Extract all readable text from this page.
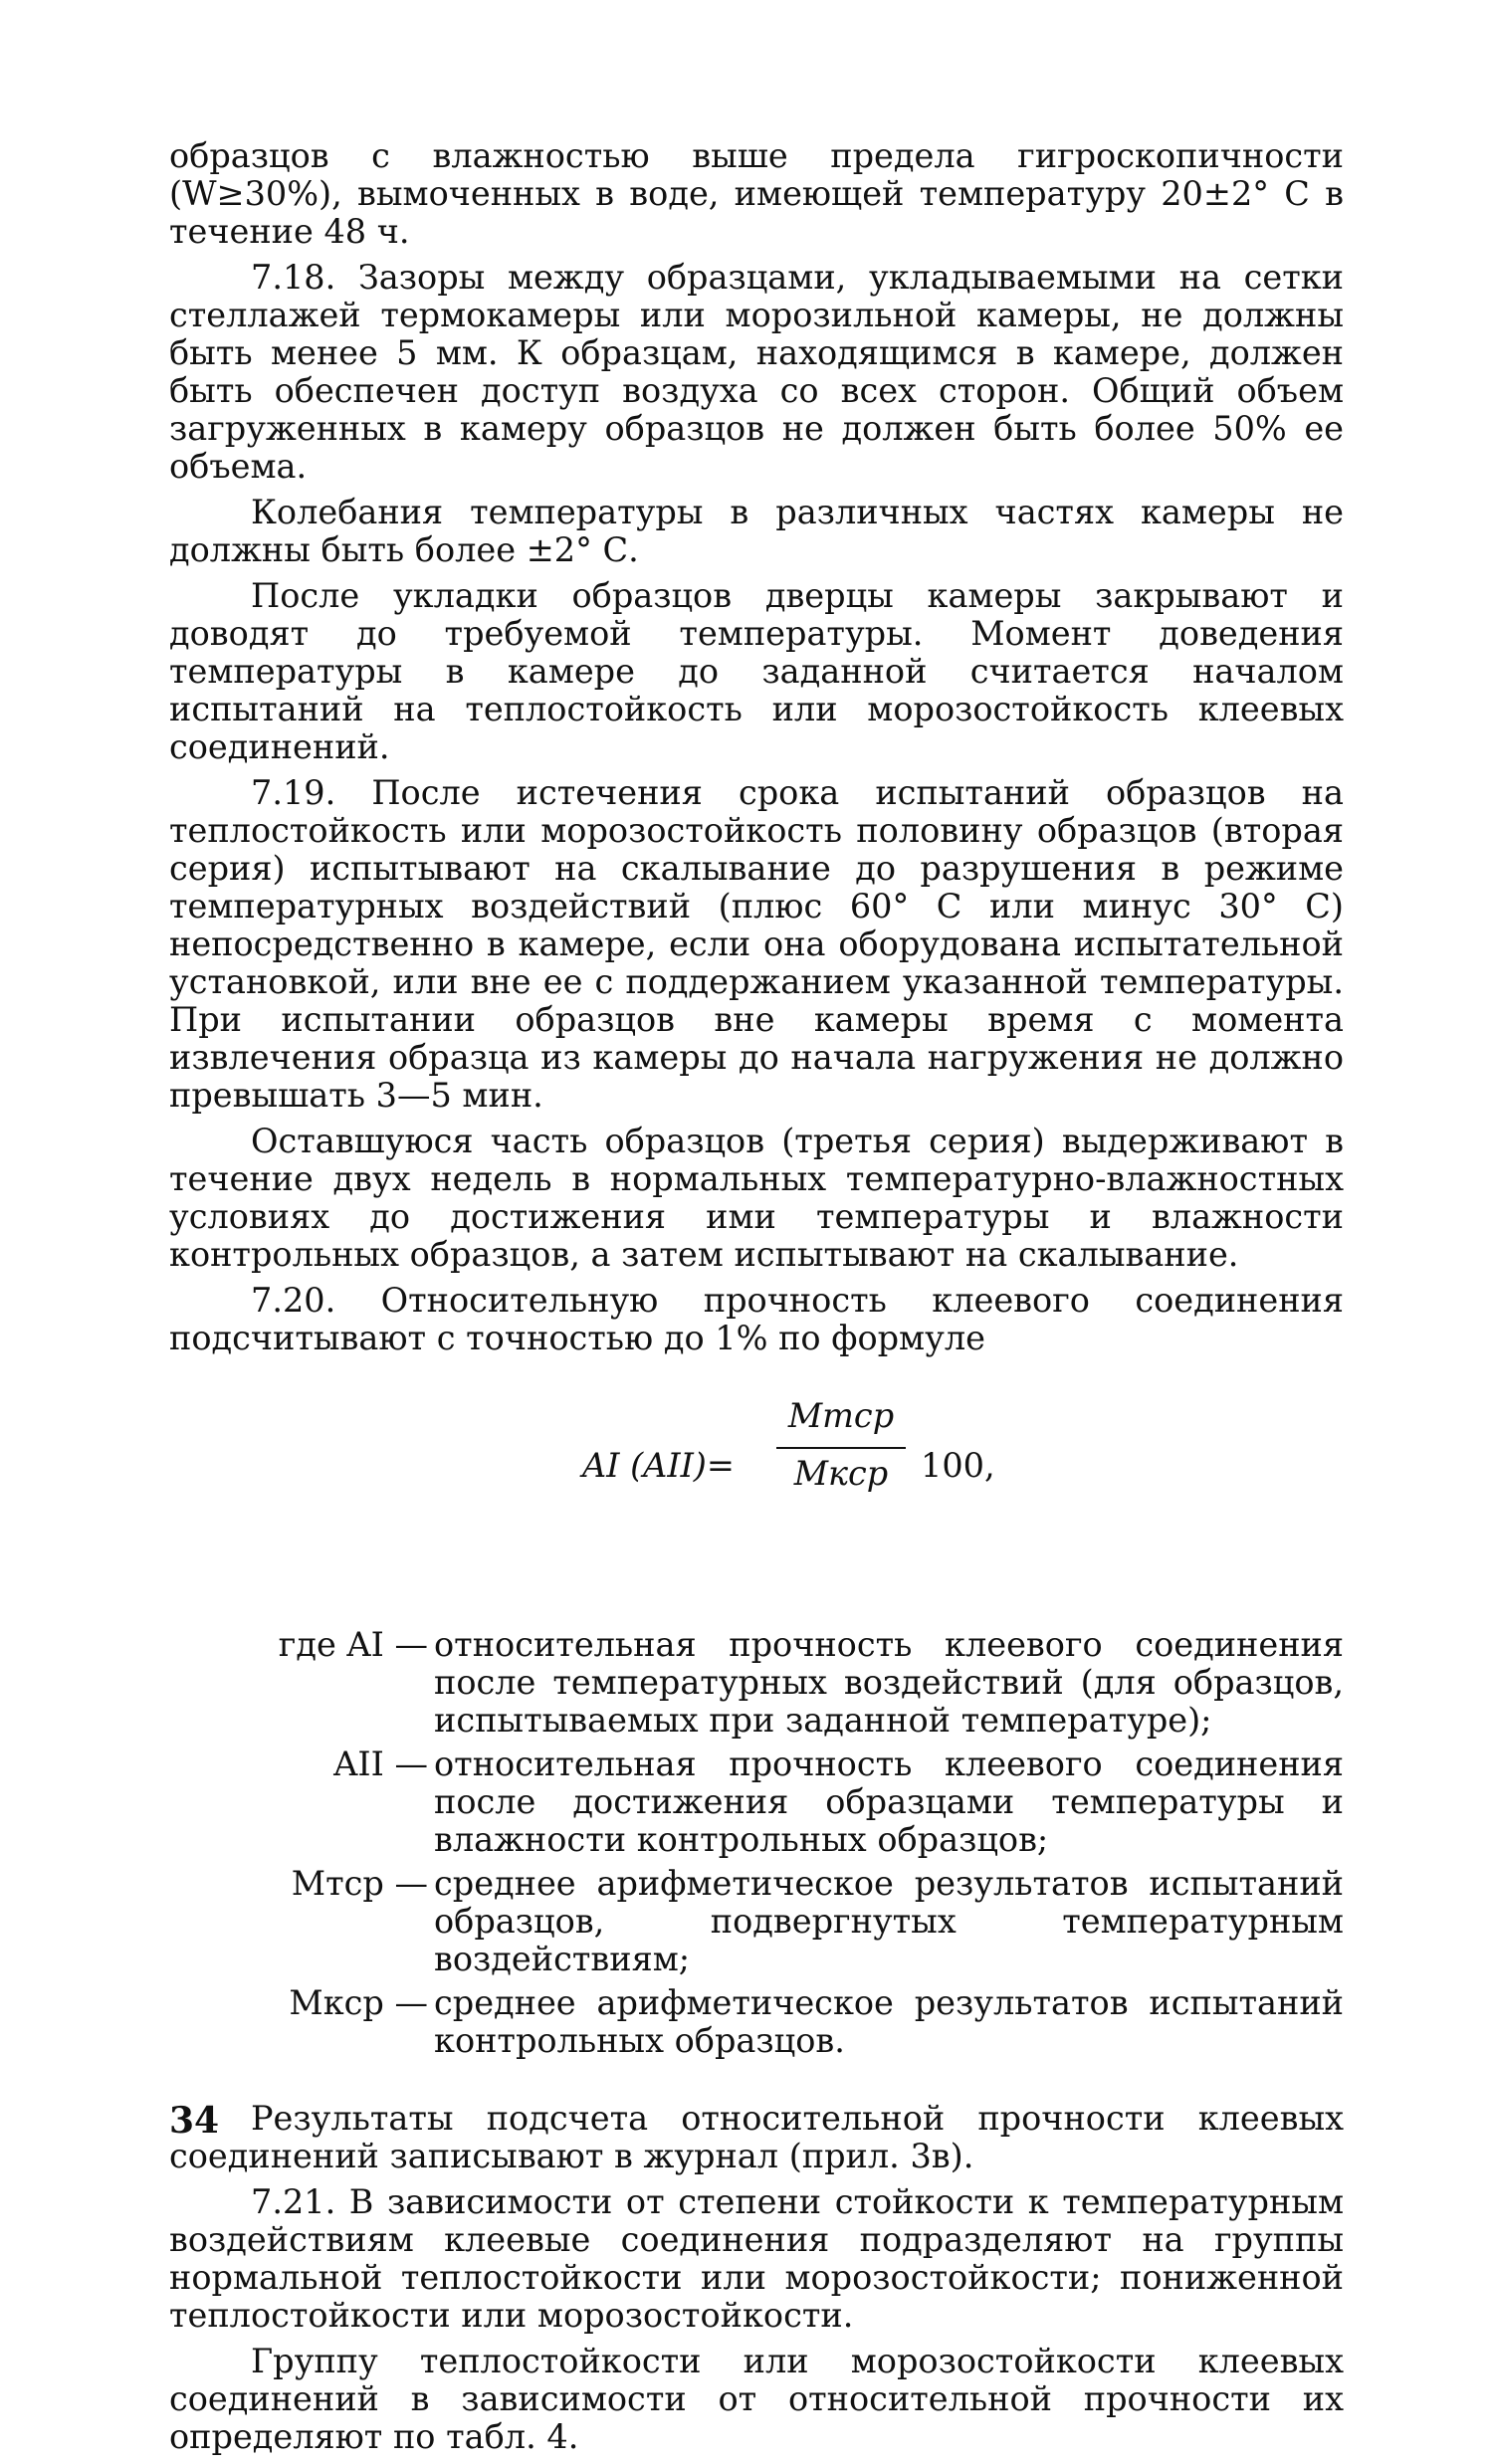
образцов с влажностью выше предела гигроскопичности (W≥30%), вымоченных в воде, имеющей температуру 20±2° С в течение 48 ч.

7.18. Зазоры между образцами, укладываемыми на сетки стеллажей термокамеры или морозильной камеры, не должны быть менее 5 мм. К образцам, находящимся в камере, должен быть обеспечен доступ воздуха со всех сторон. Общий объем загруженных в камеру образцов не должен быть более 50% ее объема.

Колебания температуры в различных частях камеры не должны быть более ±2° С.

После укладки образцов дверцы камеры закрывают и доводят до требуемой температуры. Момент доведения температуры в камере до заданной считается началом испытаний на теплостойкость или морозостойкость клеевых соединений.

7.19. После истечения срока испытаний образцов на теплостойкость или морозостойкость половину образцов (вторая серия) испытывают на скалывание до разрушения в режиме температурных воздействий (плюс 60° С или минус 30° С) непосредственно в камере, если она оборудована испытательной установкой, или вне ее с поддержанием указанной температуры. При испытании образцов вне камеры время с момента извлечения образца из камеры до начала нагружения не должно превышать 3—5 мин.

Оставшуюся часть образцов (третья серия) выдерживают в течение двух недель в нормальных температурно-влажностных условиях до достижения ими температуры и влажности контрольных образцов, а затем испытывают на скалывание.

7.20. Относительную прочность клеевого соединения подсчитывают с точностью до 1% по формуле

AI (AII)=
Mтср
Mкср 100,
где AI — относительная прочность клеевого соединения после температурных воздействий (для образцов, испытываемых при заданной температуре);
AII — относительная прочность клеевого соединения после достижения образцами температуры и влажности контрольных образцов;
Mтср — среднее арифметическое результатов испытаний образцов, подвергнутых температурным воздействиям;
Mкср — среднее арифметическое результатов испытаний контрольных образцов.

Результаты подсчета относительной прочности клеевых соединений записывают в журнал (прил. 3в).

7.21. В зависимости от степени стойкости к температурным воздействиям клеевые соединения подразделяют на группы нормальной теплостойкости или морозостойкости; пониженной теплостойкости или морозостойкости.

Группу теплостойкости или морозостойкости клеевых соединений в зависимости от относительной прочности их определяют по табл. 4.

34
